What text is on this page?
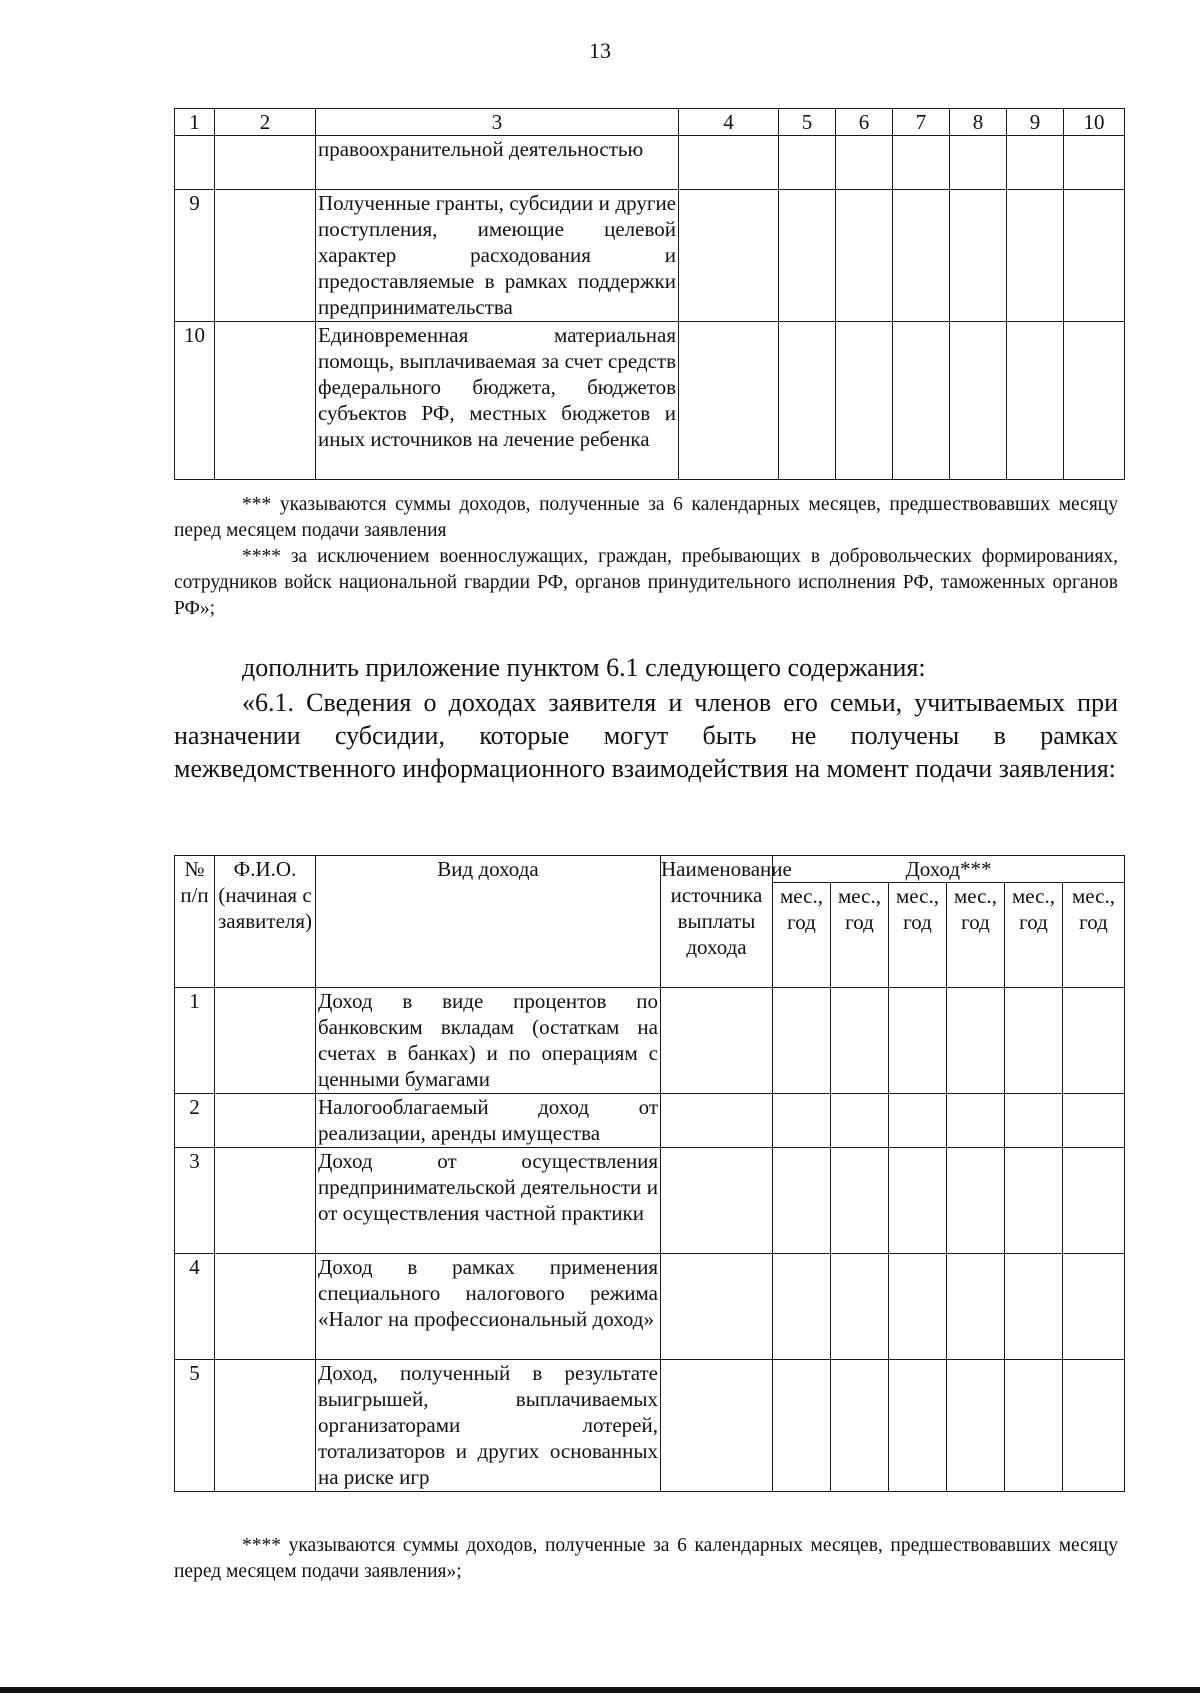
13
1	2	3	4	5	6	7	8	9	10
		правоохранительной деятельностью							
9		Полученные гранты, субсидии и другие поступления, имеющие целевой характер расходования и предоставляемые в рамках поддержки предпринимательства							
10		Единовременная материальная помощь, выплачиваемая за счет средств федерального бюджета, бюджетов субъектов РФ, местных бюджетов и иных источников на лечение ребенка							
*** указываются суммы доходов, полученные за 6 календарных месяцев, предшествовавших месяцу перед месяцем подачи заявления
**** за исключением военнослужащих, граждан, пребывающих в добровольческих формированиях, сотрудников войск национальной гвардии РФ, органов принудительного исполнения РФ, таможенных органов РФ»;
дополнить приложение пунктом 6.1 следующего содержания:
«6.1. Сведения о доходах заявителя и членов его семьи, учитываемых при назначении субсидии, которые могут быть не получены в рамках межведомственного информационного взаимодействия на момент подачи заявления:
№ п/п	Ф.И.О. (начиная с заявителя)	Вид дохода	Наименование источника выплаты дохода	Доход***					
				мес., год	мес., год	мес., год	мес., год	мес., год	мес., год
1		Доход в виде процентов по банковским вкладам (остаткам на счетах в банках) и по операциям с ценными бумагами							
2		Налогооблагаемый доход от реализации, аренды имущества							
3		Доход от осуществления предпринимательской деятельности и от осуществления частной практики							
4		Доход в рамках применения специального налогового режима «Налог на профессиональный доход»							
5		Доход, полученный в результате выигрышей, выплачиваемых организаторами лотерей, тотализаторов и других основанных на риске игр							
**** указываются суммы доходов, полученные за 6 календарных месяцев, предшествовавших месяцу перед месяцем подачи заявления»;
